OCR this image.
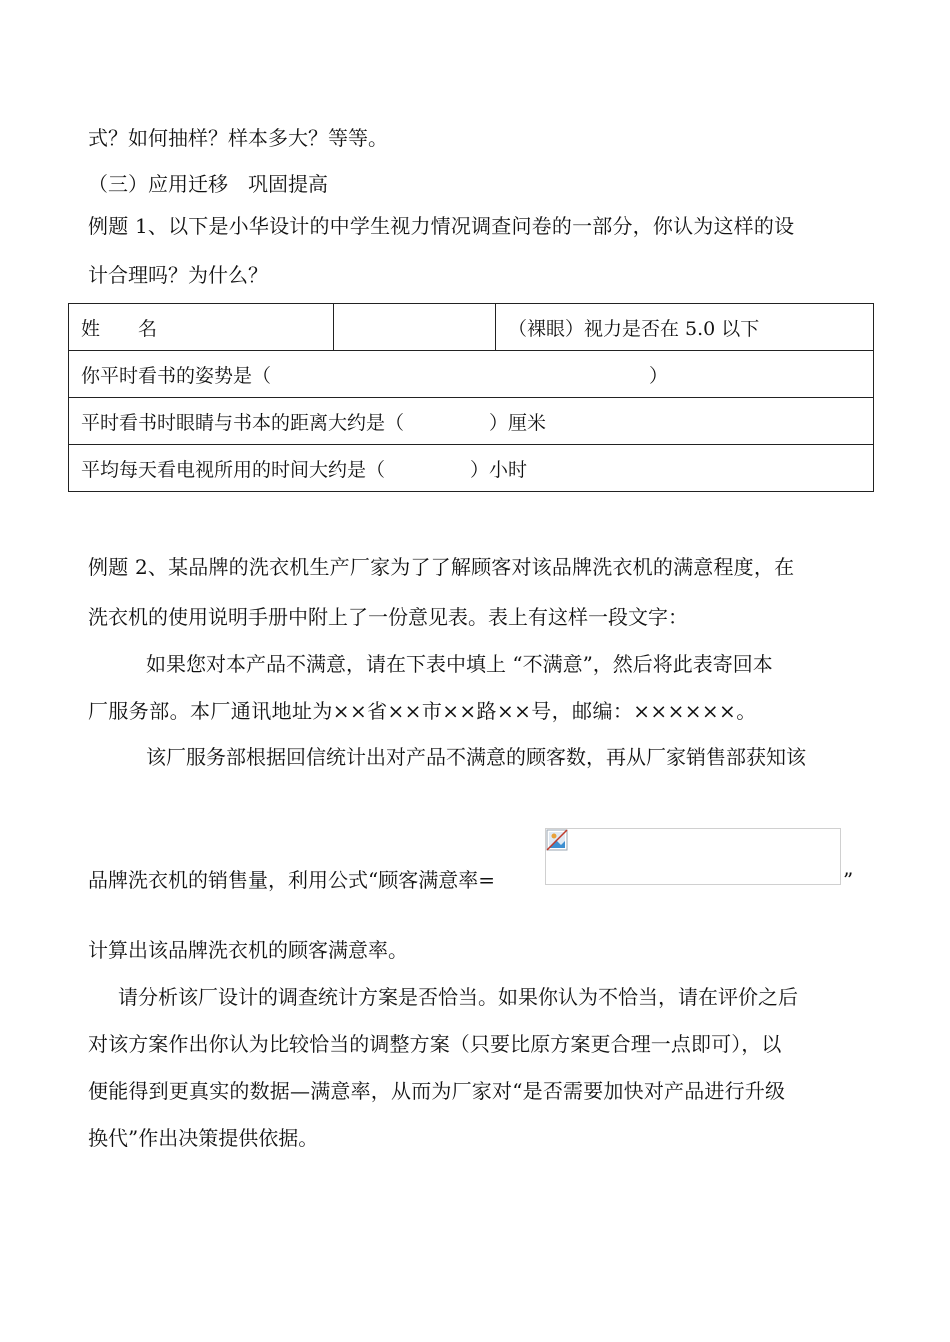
式？如何抽样？样本多大？等等。
（三）应用迁移　巩固提高
例题 1、以下是小华设计的中学生视力情况调查问卷的一部分，你认为这样的设
计合理吗？为什么？
姓　　名		（裸眼）视力是否在 5.0 以下
你平时看书的姿势是（	）
平时看书时眼睛与书本的距离大约是（	）厘米
平均每天看电视所用的时间大约是（	）小时
例题 2、某品牌的洗衣机生产厂家为了了解顾客对该品牌洗衣机的满意程度，在
洗衣机的使用说明手册中附上了一份意见表。表上有这样一段文字：
如果您对本产品不满意，请在下表中填上 “不满意”，然后将此表寄回本
厂服务部。本厂通讯地址为××省××市××路××号，邮编：××××××。
该厂服务部根据回信统计出对产品不满意的顾客数，再从厂家销售部获知该
品牌洗衣机的销售量，利用公式“顾客满意率=	”
计算出该品牌洗衣机的顾客满意率。
请分析该厂设计的调查统计方案是否恰当。如果你认为不恰当，请在评价之后
对该方案作出你认为比较恰当的调整方案（只要比原方案更合理一点即可），以
便能得到更真实的数据—满意率，从而为厂家对“是否需要加快对产品进行升级
换代”作出决策提供依据。
